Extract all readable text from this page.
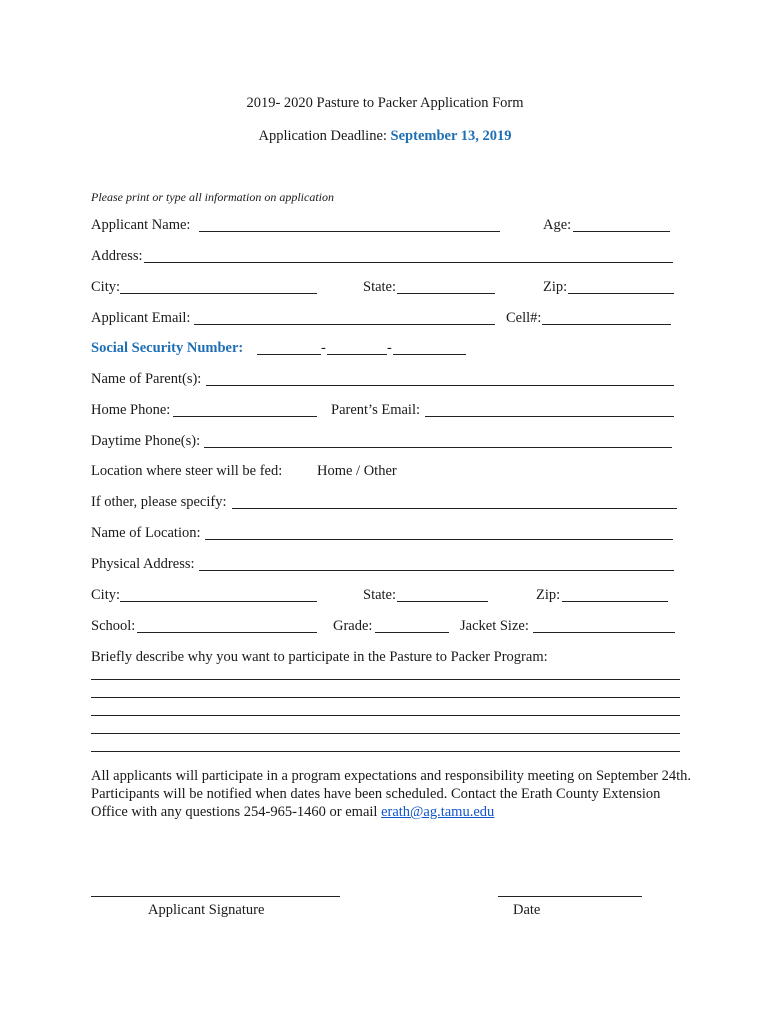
2019- 2020 Pasture to Packer Application Form
Application Deadline: September 13, 2019
Please print or type all information on application
Applicant Name:	Age:
Address:
City:	State:	Zip:
Applicant Email:	Cell#:
Social Security Number:	-	-
Name of Parent(s):
Home Phone:	Parent’s Email:
Daytime Phone(s):
Location where steer will be fed: Home / Other
If other, please specify:
Name of Location:
Physical Address:
City:	State:	Zip:
School:	Grade:	Jacket Size:
Briefly describe why you want to participate in the Pasture to Packer Program:
All applicants will participate in a program expectations and responsibility meeting on September 24th. Participants will be notified when dates have been scheduled. Contact the Erath County Extension Office with any questions 254-965-1460 or email erath@ag.tamu.edu
Applicant Signature	Date
